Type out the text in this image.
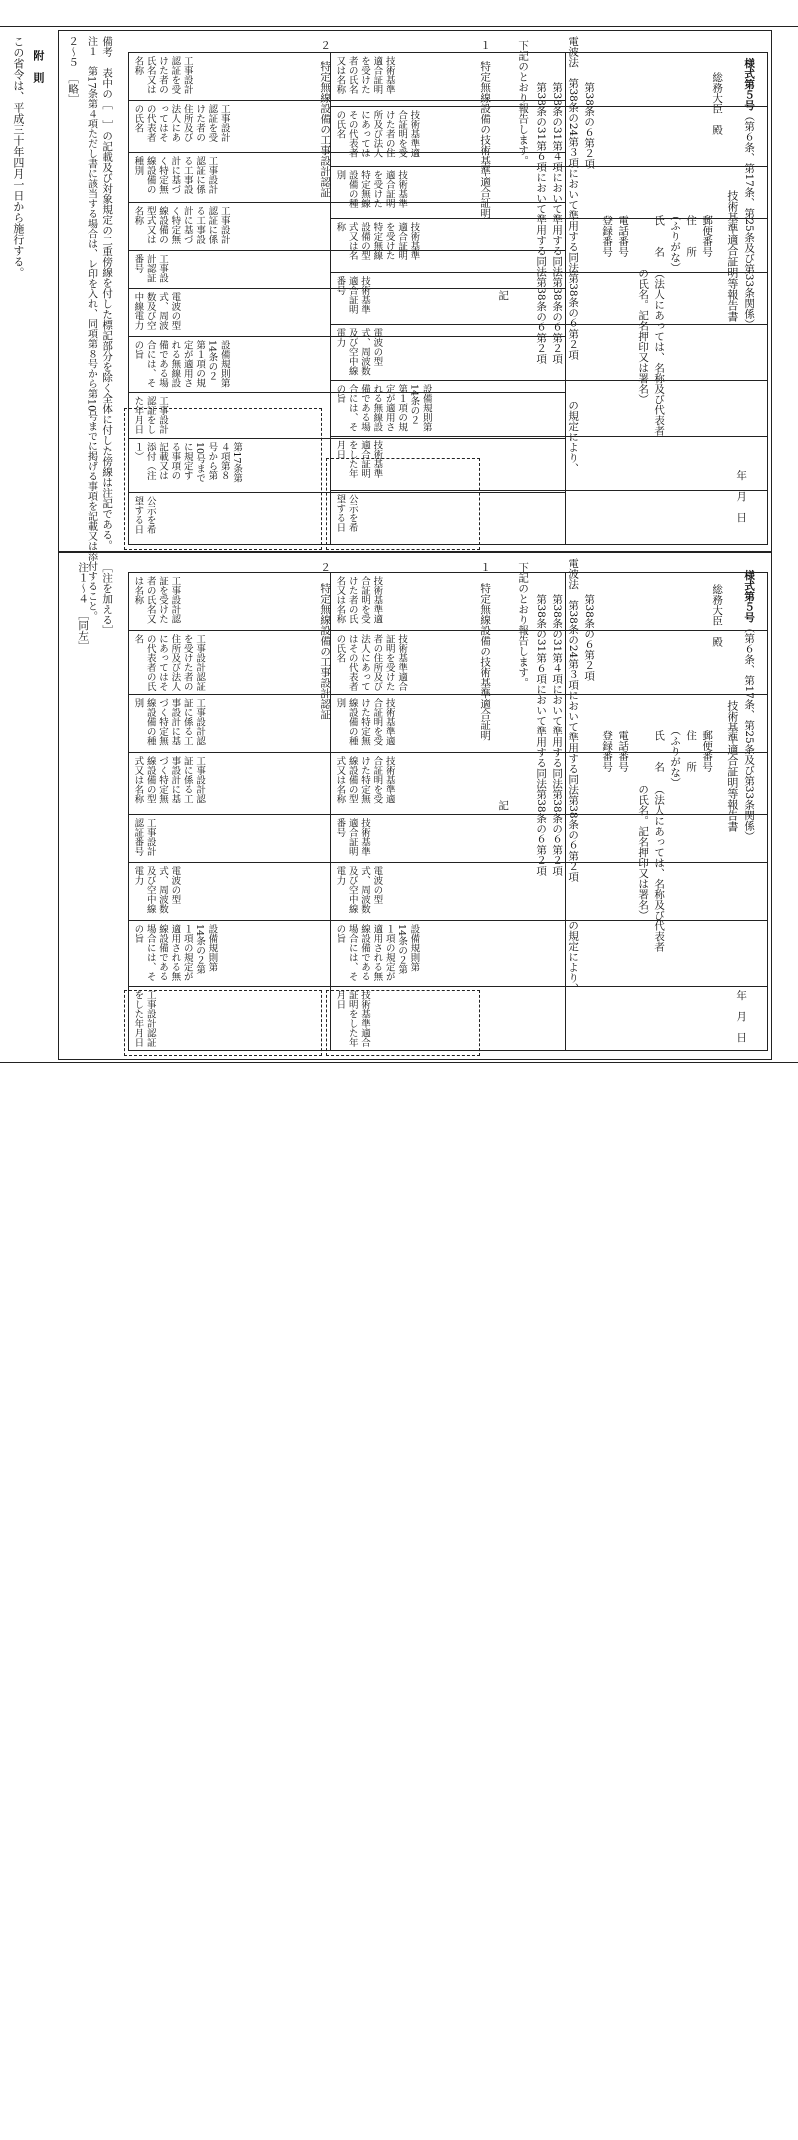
附　則
この省令は、平成三十年四月一日から施行する。	様式第５号（第６条、第17条、第25条及び第33条関係）
技術基準適合証明等報告書
年　月　日
総務大臣　殿
郵便番号
住　　所
（ふりがな）
氏　　名
（法人にあっては、名称及び代表者
の氏名。記名押印又は署名）
電話番号
登録番号
第38条の６第２項
電波法　第38条の24第３項において準用する同法第38条の６第２項
第38条の31第４項において準用する同法第38条の６第２項
第38条の31第６項において準用する同法第38条の６第２項
の規定により、
下記のとおり報告します。
記
１　特定無線設備の技術基準適合証明
技術基準適合証明を受けた者の氏名又は名称

技術基準適合証明を受けた者の住所及び法人にあってはその代表者の氏名

技術基準適合証明を受けた特定無線設備の種別

技術基準適合証明を受けた特定無線設備の型式又は名称

技術基準適合証明番号

電波の型式、周波数及び空中線電力

設備規則第14条の２第１項の規定が適用される無線設備である場合には、その旨

技術基準適合証明をした年月日

公示を希望する日
２　特定無線設備の工事設計認証
工事設計認証を受けた者の氏名又は名称

工事設計認証を受けた者の住所及び法人にあってはその代表者の氏名

工事設計認証に係る工事設計に基づく特定無線設備の種別

工事設計認証に係る工事設計に基づく特定無線設備の型式又は名称

工事設計認証番号

電波の型式、周波数及び空中線電力

設備規則第14条の２第１項の規定が適用される無線設備である場合には、その旨

工事設計認証をした年月日

第17条第４項第８号から第10号までに規定する事項の記載又は添付（注１）

公示を希望する日
備考　表中の［　］の記載及び対象規定の二重傍線を付した標記部分を除く全体に付した傍線は注記である。
注１　第17条第４項ただし書に該当する場合は、レ印を入れ、同項第８号から第10号までに掲げる事項を記載又は添付すること。
２～５　［略］
様式第５号（第６条、第17条、第25条及び第33条関係）
技術基準適合証明等報告書
年　月　日
総務大臣　殿
郵便番号
住　　所
（ふりがな）
氏　　名
（法人にあっては、名称及び代表者
の氏名。記名押印又は署名）
電話番号
登録番号
第38条の６第２項
電波法　第38条の24第３項において準用する同法第38条の６第２項
第38条の31第４項において準用する同法第38条の６第２項
第38条の31第６項において準用する同法第38条の６第２項
の規定により、
下記のとおり報告します。
記
１　特定無線設備の技術基準適合証明
技術基準適合証明を受けた者の氏名又は名称

技術基準適合証明を受けた者の住所及び法人にあってはその代表者の氏名

技術基準適合証明を受けた特定無線設備の種別

技術基準適合証明を受けた特定無線設備の型式又は名称

技術基準適合証明番号

電波の型式、周波数及び空中線電力

設備規則第14条の２第１項の規定が適用される無線設備である場合には、その旨

技術基準適合証明をした年月日
２　特定無線設備の工事設計認証
工事設計認証を受けた者の氏名又は名称

工事設計認証を受けた者の住所及び法人にあってはその代表者の氏名

工事設計認証に係る工事設計に基づく特定無線設備の種別

工事設計認証に係る工事設計に基づく特定無線設備の型式又は名称

工事設計認証番号

電波の型式、周波数及び空中線電力

設備規則第14条の２第１項の規定が適用される無線設備である場合には、その旨

工事設計認証をした年月日
［注を加える］
注１～４　［同左］
